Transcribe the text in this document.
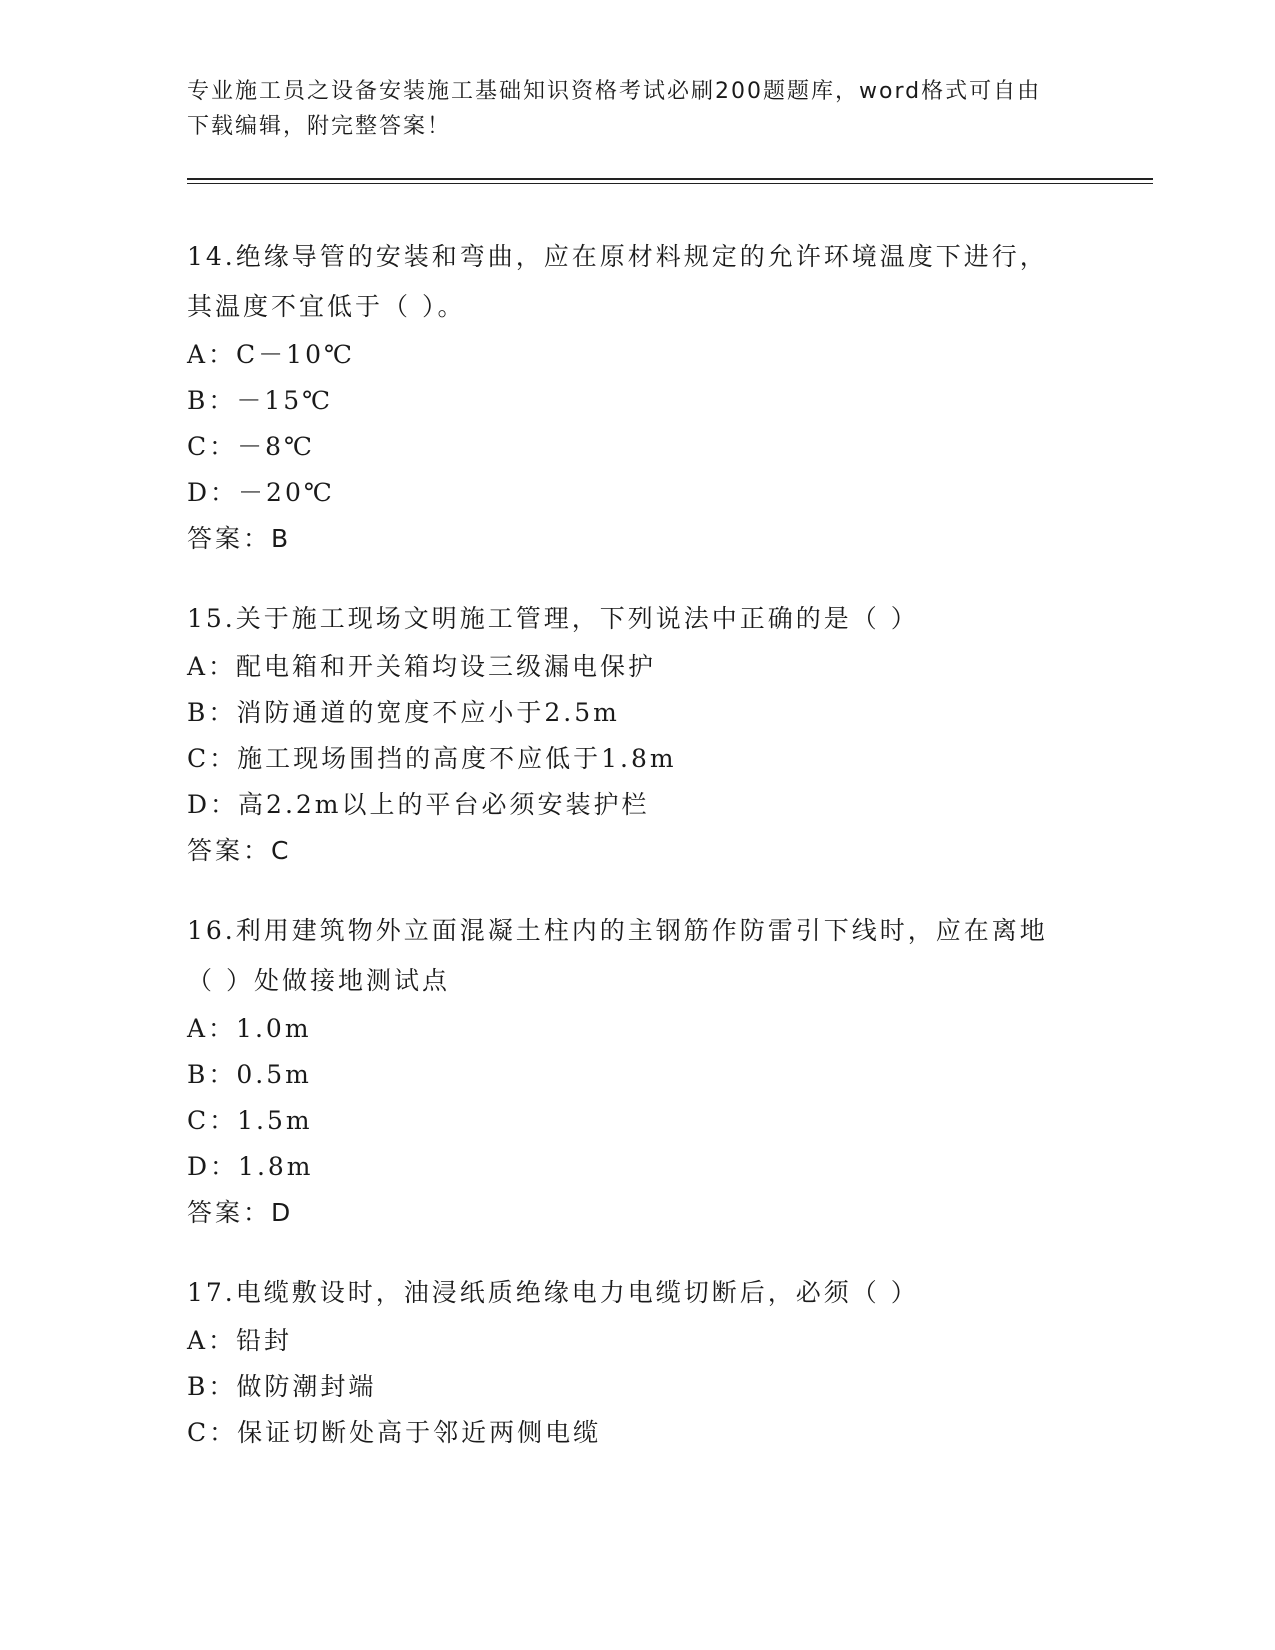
专业施工员之设备安装施工基础知识资格考试必刷200题题库，word格式可自由
下载编辑，附完整答案！
14.绝缘导管的安装和弯曲，应在原材料规定的允许环境温度下进行，
其温度不宜低于（ ）。
A：C－10℃
B：－15℃
C：－8℃
D：－20℃
答案：B
15.关于施工现场文明施工管理，下列说法中正确的是（ ）
A：配电箱和开关箱均设三级漏电保护
B：消防通道的宽度不应小于2.5m
C：施工现场围挡的高度不应低于1.8m
D：高2.2m以上的平台必须安装护栏
答案：C
16.利用建筑物外立面混凝土柱内的主钢筋作防雷引下线时，应在离地
（ ）处做接地测试点
A：1.0m
B：0.5m
C：1.5m
D：1.8m
答案：D
17.电缆敷设时，油浸纸质绝缘电力电缆切断后，必须（ ）
A：铅封
B：做防潮封端
C：保证切断处高于邻近两侧电缆
